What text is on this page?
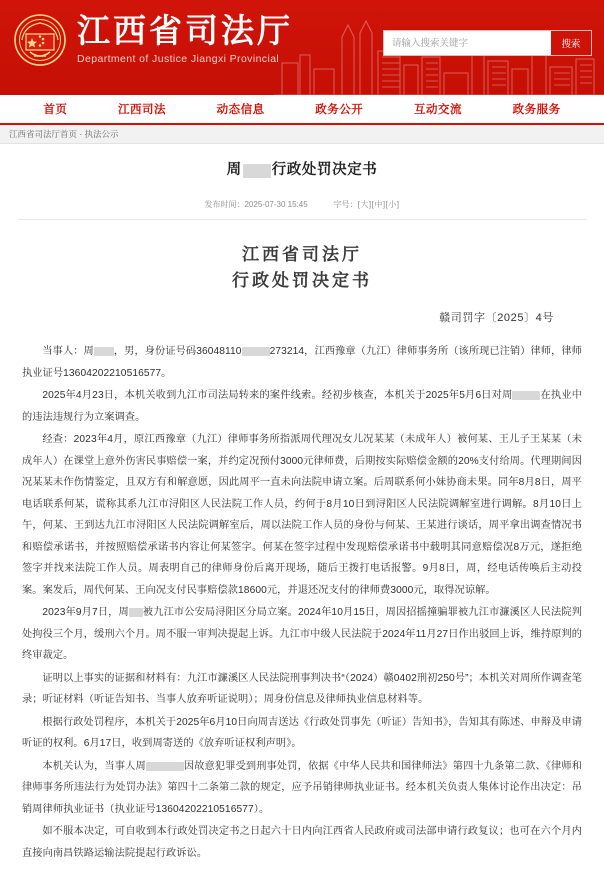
江西省司法厅
Department of Justice Jiangxi Provincial
请输入搜索关键字
搜索
首页	江西司法	动态信息	政务公开	互动交流	政务服务
江西省司法厅首页 · 执法公示
周 行政处罚决定书
发布时间：2025-07-30 15:45	字号：[大][中][小]
江西省司法厅
行政处罚决定书
赣司罚字〔2025〕4号

当事人：周 ，男，身份证号码36048110	273214，江西豫章（九江）律师事务所（该所现已注销）律师，律师执业证号13604202210516577。

2025年4月23日，本机关收到九江市司法局转来的案件线索。经初步核查，本机关于2025年5月6日对周	在执业中的违法违规行为立案调查。

经查：2023年4月，原江西豫章（九江）律师事务所指派周代理况女儿况某某（未成年人）被何某、王儿子王某某（未成年人）在课堂上意外伤害民事赔偿一案，并约定况预付3000元律师费，后期按实际赔偿金额的20%支付给周。代理期间因况某某未作伤情鉴定，且双方有和解意愿，因此周平一直未向法院申请立案。后周联系何小妹协商未果。同年8月8日，周平电话联系何某，谎称其系九江市浔阳区人民法院工作人员，约何于8月10日到浔阳区人民法院调解室进行调解。8月10日上午，何某、王到达九江市浔阳区人民法院调解室后，周以法院工作人员的身份与何某、王某进行谈话，周平拿出调查情况书和赔偿承诺书，并按照赔偿承诺书内容让何某签字。何某在签字过程中发现赔偿承诺书中载明其同意赔偿况8万元，遂拒绝签字并找来法院工作人员。周表明自己的律师身份后离开现场，随后王拨打电话报警。9月8日，周，经电话传唤后主动投案。案发后，周代何某、王向况支付民事赔偿款18600元，并退还况支付的律师费3000元，取得况谅解。

2023年9月7日，周 被九江市公安局浔阳区分局立案。2024年10月15日，周因招摇撞骗罪被九江市濂溪区人民法院判处拘役三个月，缓刑六个月。周不服一审判决提起上诉。九江市中级人民法院于2024年11月27日作出驳回上诉，维持原判的终审裁定。

证明以上事实的证据和材料有：九江市濂溪区人民法院刑事判决书“（2024）赣0402刑初250号”；本机关对周所作调查笔录；听证材料（听证告知书、当事人放弃听证说明）；周身份信息及律师执业信息材料等。

根据行政处罚程序，本机关于2025年6月10日向周吉送达《行政处罚事先（听证）告知书》，告知其有陈述、申辩及申请听证的权利。6月17日，收到周寄送的《放弃听证权利声明》。

本机关认为，当事人周	因故意犯罪受到刑事处罚，依据《中华人民共和国律师法》第四十九条第二款、《律师和律师事务所违法行为处罚办法》第四十二条第二款的规定，应予吊销律师执业证书。经本机关负责人集体讨论作出决定：吊销周律师执业证书（执业证号13604202210516577）。

如不服本决定，可自收到本行政处罚决定书之日起六十日内向江西省人民政府或司法部申请行政复议；也可在六个月内直接向南昌铁路运输法院提起行政诉讼。
